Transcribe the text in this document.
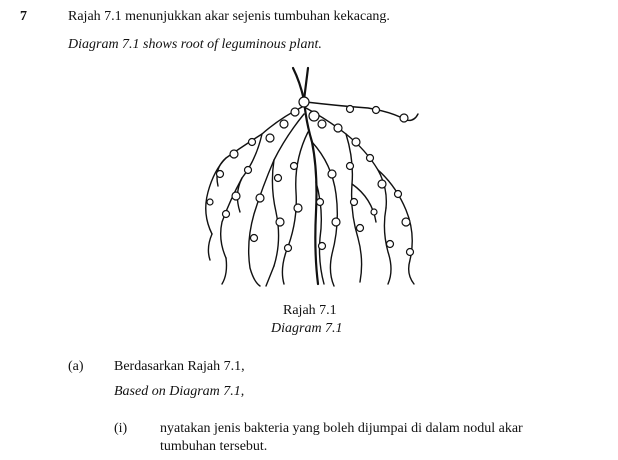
7	Rajah 7.1 menunjukkan akar sejenis tumbuhan kekacang.
Diagram 7.1 shows root of leguminous plant.
Rajah 7.1
Diagram 7.1
(a) Berdasarkan Rajah 7.1,
Based on Diagram 7.1,
(i) nyatakan jenis bakteria yang boleh dijumpai di dalam nodul akar
tumbuhan tersebut.
